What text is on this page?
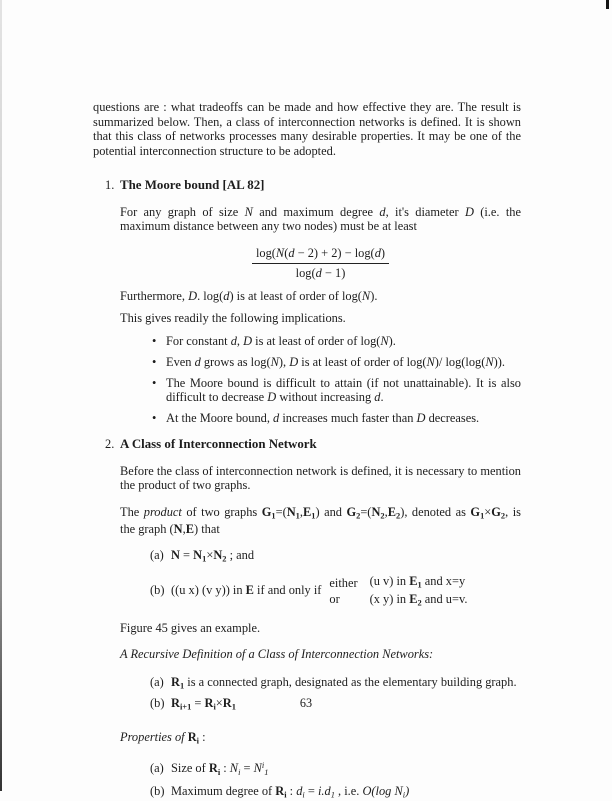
questions are : what tradeoffs can be made and how effective they are. The result is summarized below. Then, a class of interconnection networks is defined. It is shown that this class of networks processes many desirable properties. It may be one of the potential interconnection structure to be adopted.

1. The Moore bound [AL 82]

For any graph of size N and maximum degree d, it's diameter D (i.e. the maximum distance between any two nodes) must be at least

log(N(d − 2) + 2) − log(d)
log(d − 1)

Furthermore, D. log(d) is at least of order of log(N).

This gives readily the following implications.

• For constant d, D is at least of order of log(N).
• Even d grows as log(N), D is at least of order of log(N)/ log(log(N)).
• The Moore bound is difficult to attain (if not unattainable). It is also difficult to decrease D without increasing d.
• At the Moore bound, d increases much faster than D decreases.
2. A Class of Interconnection Network

Before the class of interconnection network is defined, it is necessary to mention the product of two graphs.

The product of two graphs $G_1=(N_1,E_1)$ and $G_2=(N_2,E_2)$, denoted as $G_1\times G_2$, is the graph (N,E) that

(a) $N = N_1\times N_2$ ; and
(b) ((u x) (v y)) in E if and only if
either
or
(u v) in $E_1$ and x=y
(x y) in $E_2$ and u=v.

Figure 45 gives an example.

A Recursive Definition of a Class of Interconnection Networks:

(a) $R_1$ is a connected graph, designated as the elementary building graph.
(b) $R_{i+1} = R_i\times R_1$

Properties of $R_i$ :

(a) Size of $R_i$ : $N_i = N^i_1$
(b) Maximum degree of $R_i$ : $d_i = i.d_1$ , i.e. O(log $N_i$)
63
